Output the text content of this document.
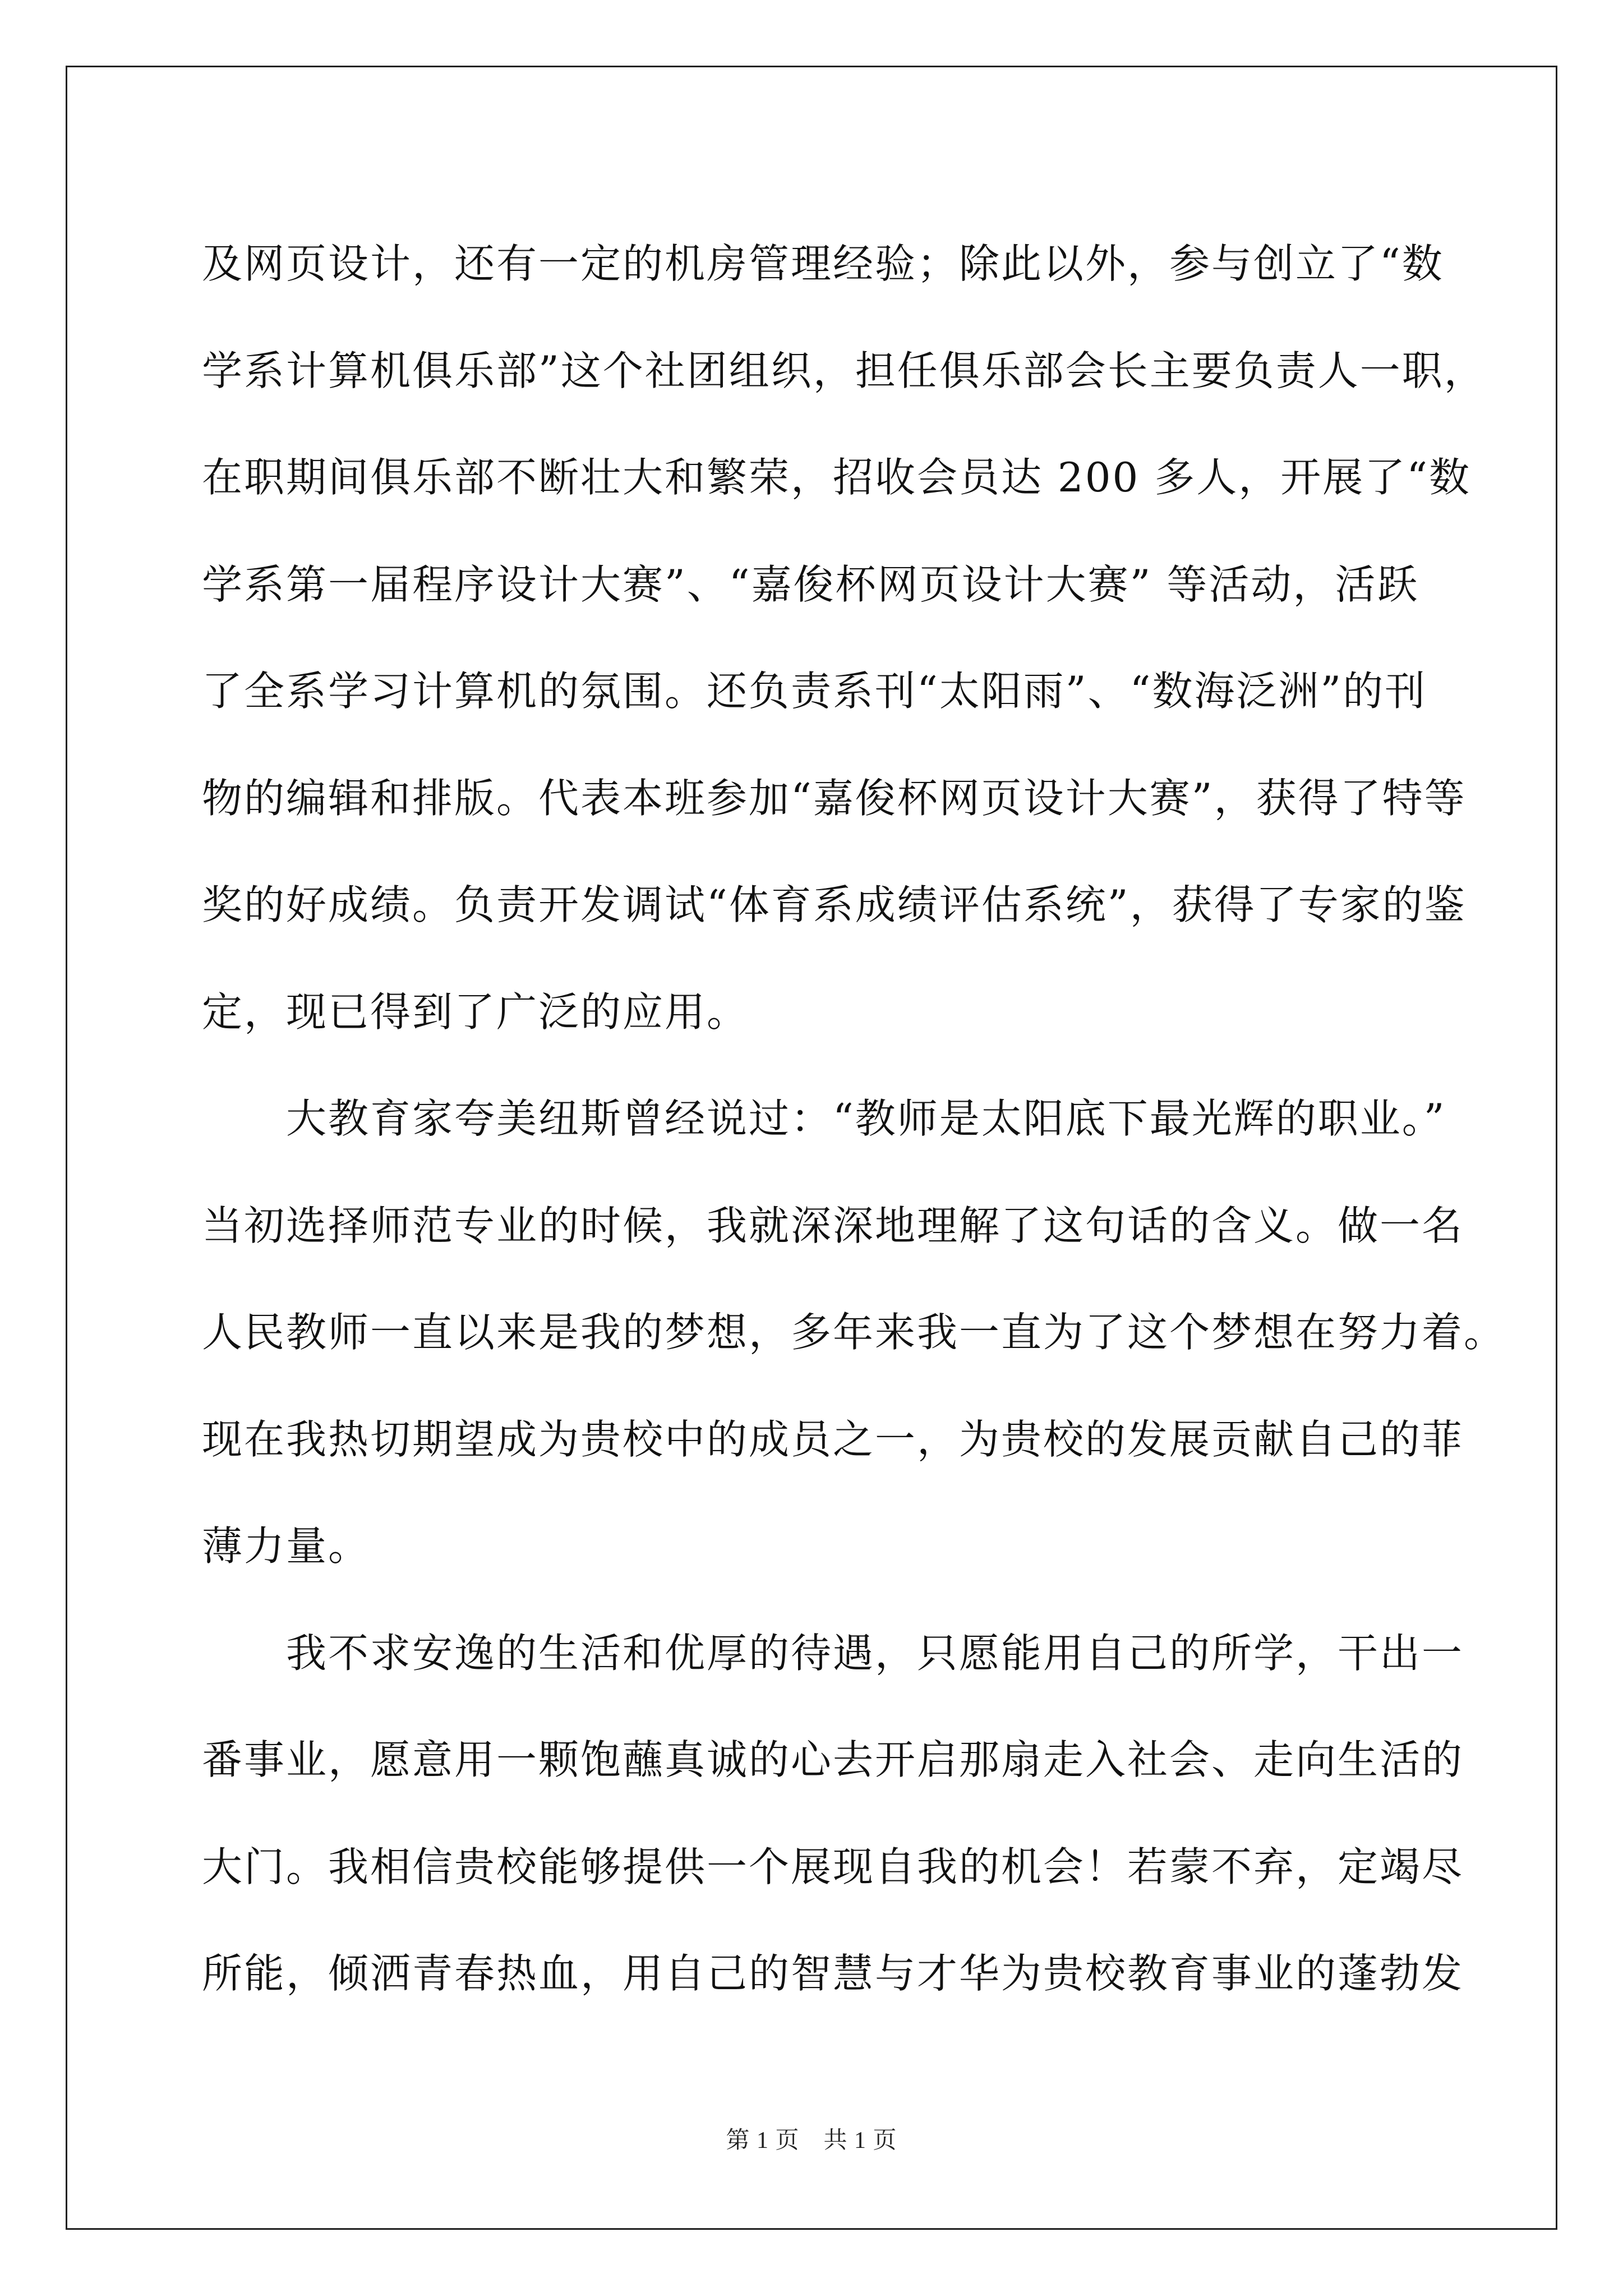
及网页设计，还有一定的机房管理经验；除此以外，参与创立了“数
学系计算机俱乐部”这个社团组织，担任俱乐部会长主要负责人一职，
在职期间俱乐部不断壮大和繁荣，招收会员达 200 多人，开展了“数
学系第一届程序设计大赛”、“嘉俊杯网页设计大赛” 等活动，活跃
了全系学习计算机的氛围。还负责系刊“太阳雨”、“数海泛洲”的刊
物的编辑和排版。代表本班参加“嘉俊杯网页设计大赛”，获得了特等
奖的好成绩。负责开发调试“体育系成绩评估系统”，获得了专家的鉴
定，现已得到了广泛的应用。
　　大教育家夸美纽斯曾经说过：“教师是太阳底下最光辉的职业。”
当初选择师范专业的时候，我就深深地理解了这句话的含义。做一名
人民教师一直以来是我的梦想，多年来我一直为了这个梦想在努力着。
现在我热切期望成为贵校中的成员之一，为贵校的发展贡献自己的菲
薄力量。
　　我不求安逸的生活和优厚的待遇，只愿能用自己的所学，干出一
番事业，愿意用一颗饱蘸真诚的心去开启那扇走入社会、走向生活的
大门。我相信贵校能够提供一个展现自我的机会！若蒙不弃，定竭尽
所能，倾洒青春热血，用自己的智慧与才华为贵校教育事业的蓬勃发
第 1 页　共 1 页
